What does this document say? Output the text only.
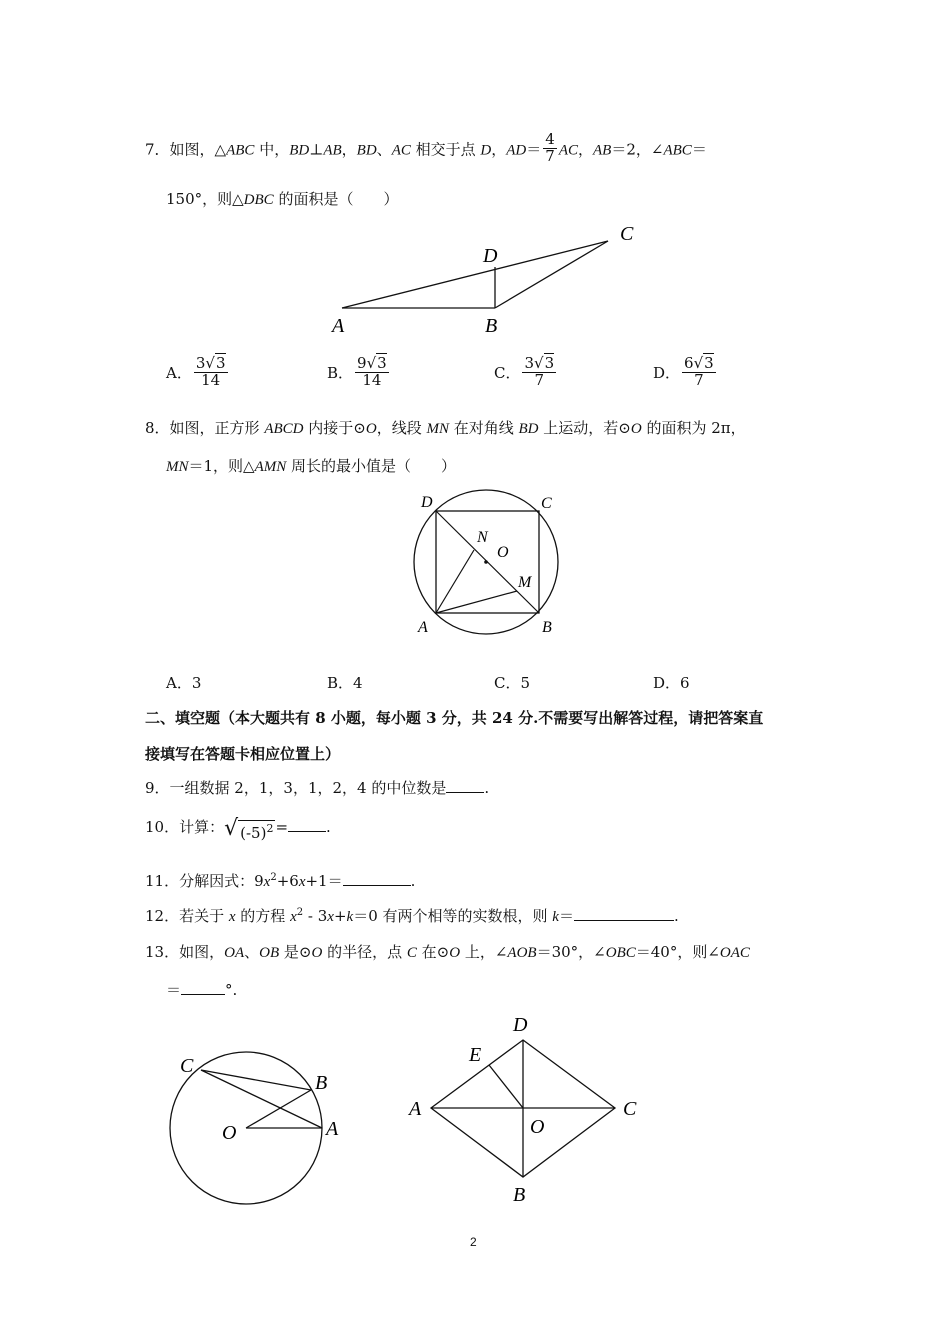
7．如图，△ABC 中，BD⊥AB，BD、AC 相交于点 D，$AD= \frac{4}{7}$ AC，AB＝2，∠ABC＝
150°，则△DBC 的面积是（　　）
A	B
C
D
A． $\frac{3√3}{14}$	B． $\frac{9√3}{14}$	C． $\frac{3√3}{7}$	D． $\frac{6√3}{7}$
8．如图，正方形 ABCD 内接于⊙O，线段 MN 在对角线 BD 上运动，若⊙O 的面积为 2π，
MN＝1，则△AMN 周长的最小值是（　　）
D	C
N
O
M
A	B
A．3	B．4	C．5	D．6
二、填空题（本大题共有 8 小题，每小题 3 分，共 24 分.不需要写出解答过程，请把答案直
接填写在答题卡相应位置上）
9．一组数据 2，1，3，1，2，4 的中位数是	.
10．计算：√ $(-5)^2$ =	.
11．分解因式：$9x^2+6x+1=$	.
12．若关于 x 的方程 $x^2 - 3x+k=0$ 有两个相等的实数根，则 k＝	.
13．如图，OA、OB 是⊙O 的半径，点 C 在⊙O 上，∠AOB＝30°，∠OBC＝40°，则∠OAC
＝	°.
C
B
O	A
D
E
A
O
C
B
2
